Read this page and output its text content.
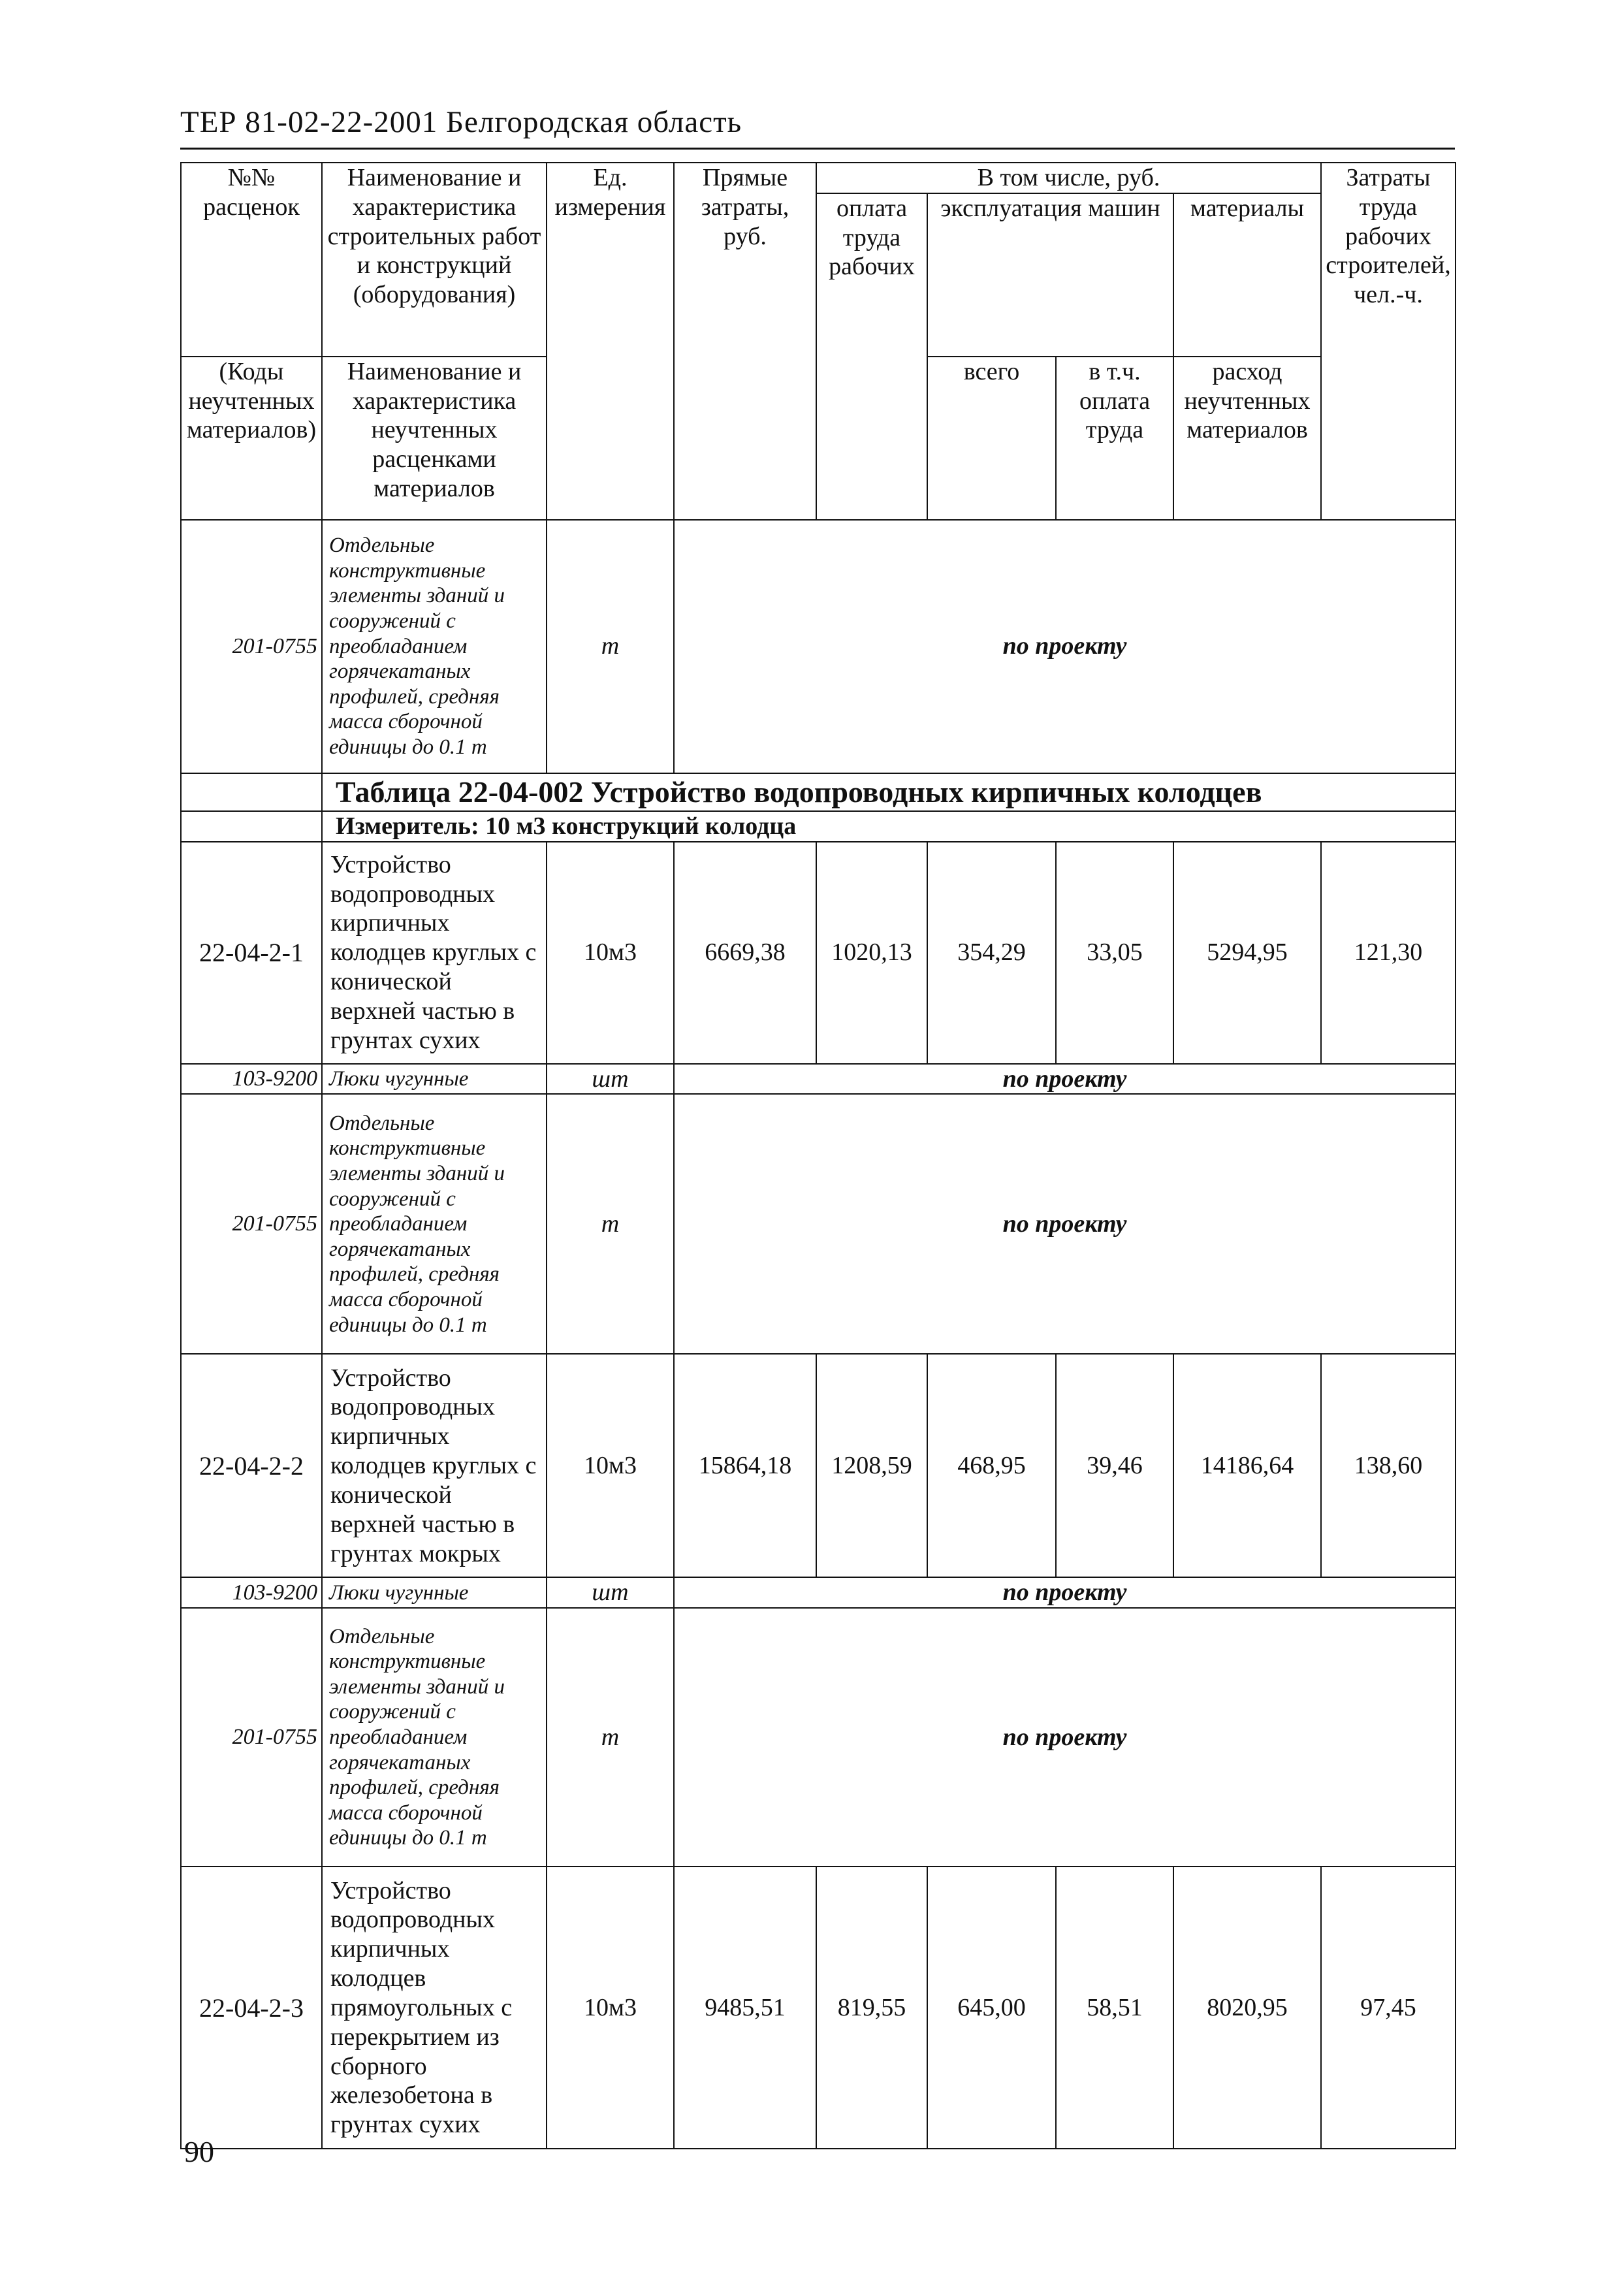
ТЕР 81-02-22-2001 Белгородская область
№№ расценок	Наименование и характеристика строительных работ и конструкций (оборудования)	Ед. измерения	Прямые затраты, руб.	В том числе, руб.				Затраты труда рабочих строителей, чел.-ч.
				оплата труда рабочих	эксплуатация машин		материалы	
(Коды неучтенных материалов)	Наименование и характеристика неучтенных расценками материалов				всего	в т.ч. оплата труда	расход неучтенных материалов	
201-0755	Отдельные конструктивные элементы зданий и сооружений с преобладанием горячекатаных профилей, средняя масса сборочной единицы до 0.1 т	т	по проекту					
	Таблица 22-04-002 Устройство водопроводных кирпичных колодцев							
	Измеритель: 10 м3 конструкций колодца							
22-04-2-1	Устройство водопроводных кирпичных колодцев круглых с конической верхней частью в грунтах сухих	10м3	6669,38	1020,13	354,29	33,05	5294,95	121,30
103-9200	Люки чугунные	шт	по проекту					
201-0755	Отдельные конструктивные элементы зданий и сооружений с преобладанием горячекатаных профилей, средняя масса сборочной единицы до 0.1 т	т	по проекту					
22-04-2-2	Устройство водопроводных кирпичных колодцев круглых с конической верхней частью в грунтах мокрых	10м3	15864,18	1208,59	468,95	39,46	14186,64	138,60
103-9200	Люки чугунные	шт	по проекту					
201-0755	Отдельные конструктивные элементы зданий и сооружений с преобладанием горячекатаных профилей, средняя масса сборочной единицы до 0.1 т	т	по проекту					
22-04-2-3	Устройство водопроводных кирпичных колодцев прямоугольных с перекрытием из сборного железобетона в грунтах сухих	10м3	9485,51	819,55	645,00	58,51	8020,95	97,45
90
